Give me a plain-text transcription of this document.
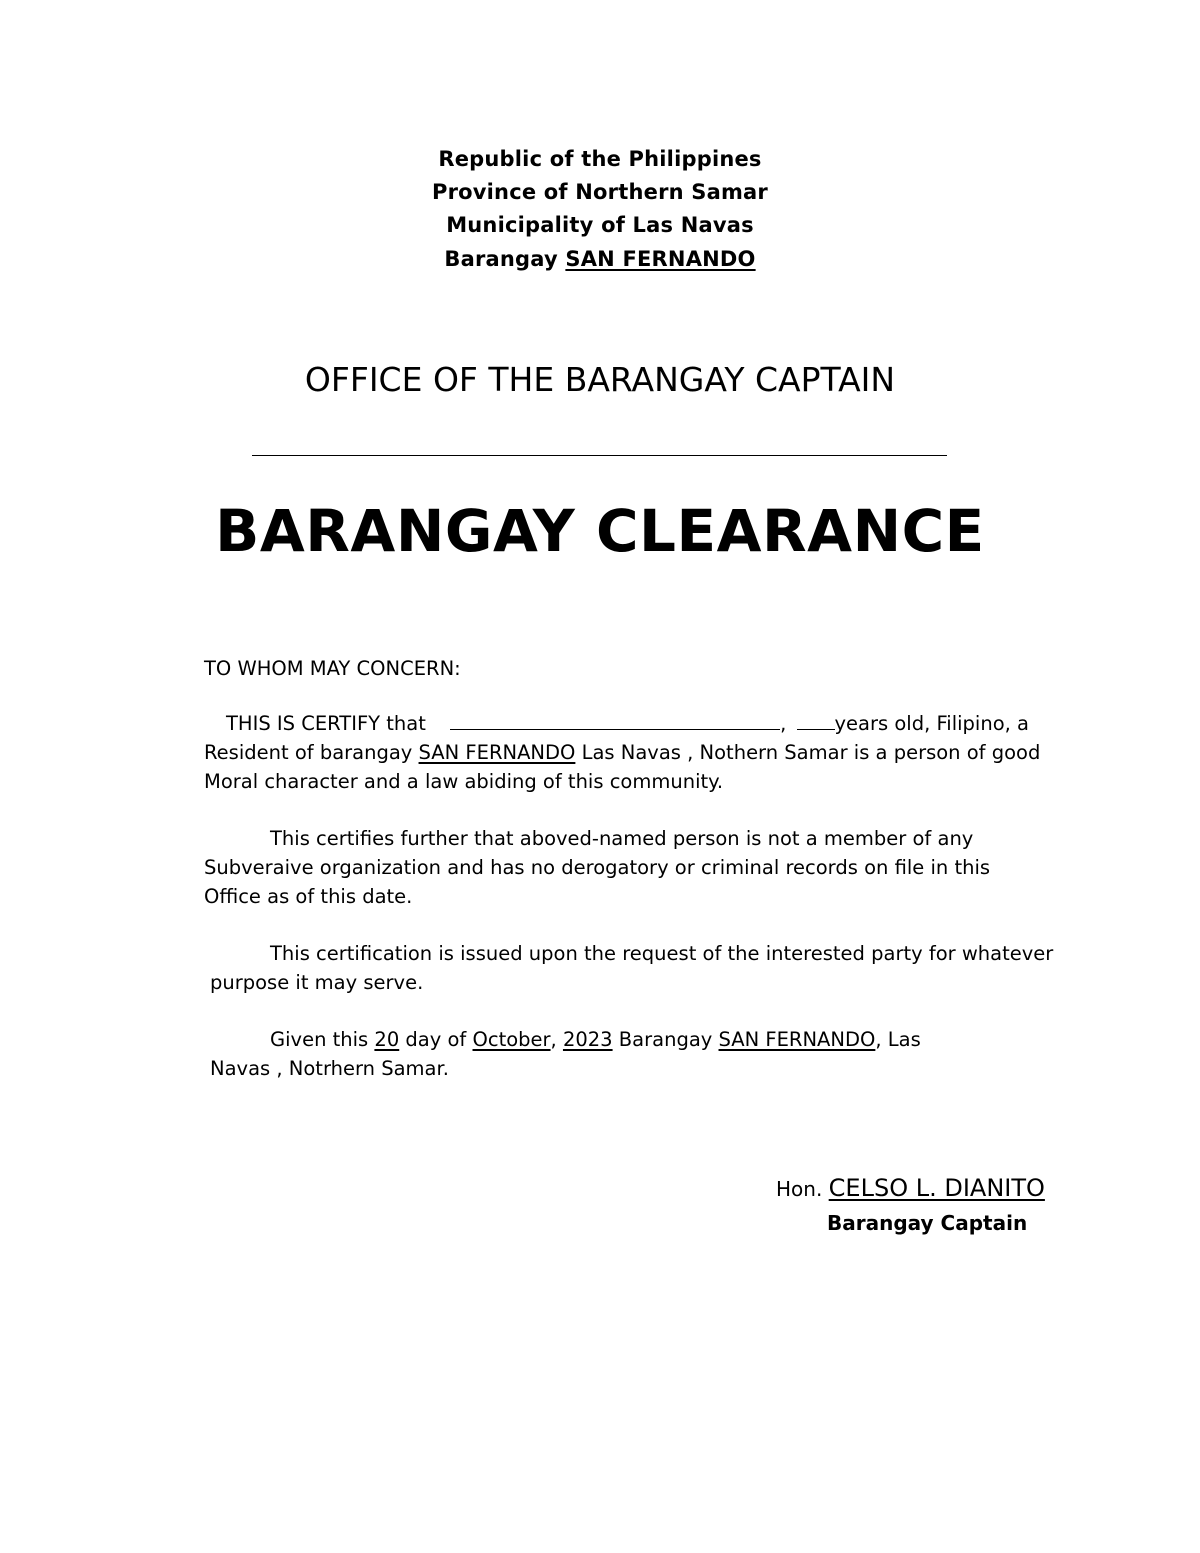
Republic of the Philippines
Province of Northern Samar
Municipality of Las Navas
Barangay SAN FERNANDO
OFFICE OF THE BARANGAY CAPTAIN
BARANGAY CLEARANCE
TO WHOM MAY CONCERN:
THIS IS CERTIFY that	, years old, Filipino, a
Resident of barangay SAN FERNANDO Las Navas , Nothern Samar is a person of good
Moral character and a law abiding of this community.
This certifies further that aboved-named person is not a member of any
Subveraive organization and has no derogatory or criminal records on file in this
Office as of this date.
This certification is issued upon the request of the interested party for whatever
purpose it may serve.
Given this 20 day of October, 2023 Barangay SAN FERNANDO, Las
Navas , Notrhern Samar.
Hon. CELSO L. DIANITO
Barangay Captain
